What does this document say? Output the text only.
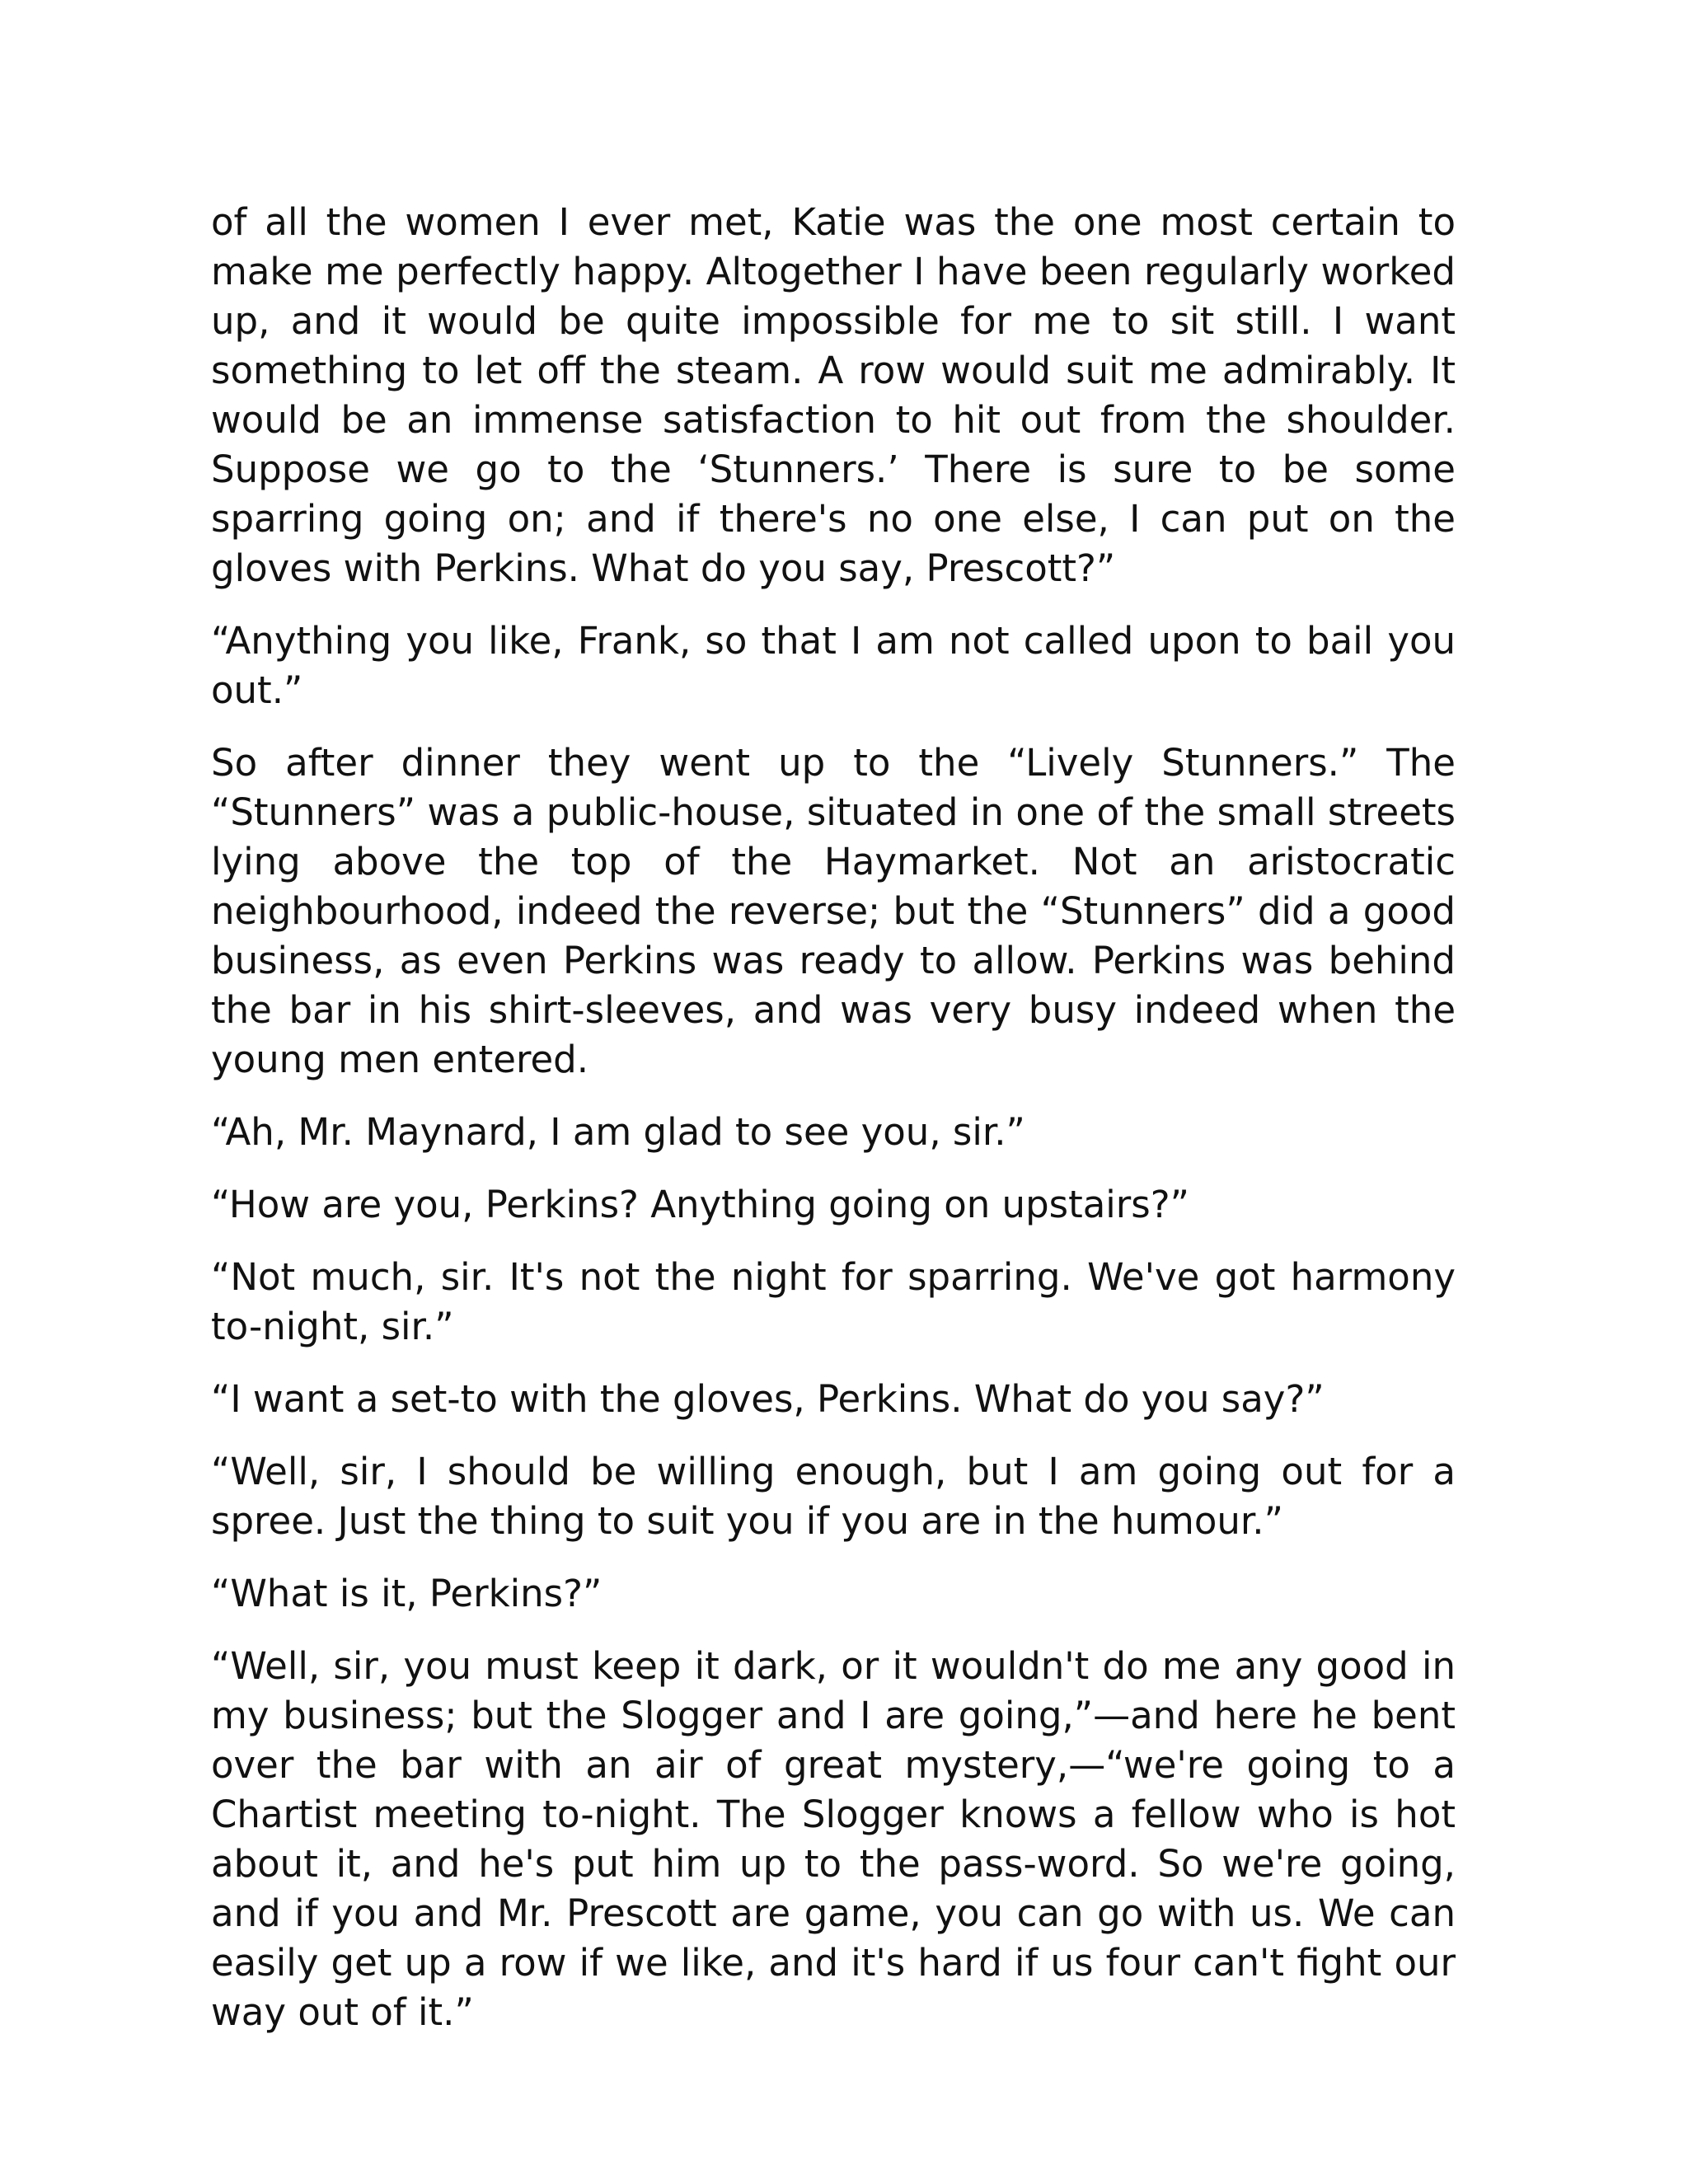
of all the women I ever met, Katie was the one most certain to make me perfectly happy. Altogether I have been regularly worked up, and it would be quite impossible for me to sit still. I want something to let off the steam. A row would suit me admirably. It would be an immense satisfaction to hit out from the shoulder. Suppose we go to the ‘Stunners.’ There is sure to be some sparring going on; and if there's no one else, I can put on the gloves with Perkins. What do you say, Prescott?”

“Anything you like, Frank, so that I am not called upon to bail you out.”

So after dinner they went up to the “Lively Stunners.” The “Stunners” was a public-house, situated in one of the small streets lying above the top of the Haymarket. Not an aristocratic neighbourhood, indeed the reverse; but the “Stunners” did a good business, as even Perkins was ready to allow. Perkins was behind the bar in his shirt-sleeves, and was very busy indeed when the young men entered.

“Ah, Mr. Maynard, I am glad to see you, sir.”

“How are you, Perkins? Anything going on upstairs?”

“Not much, sir. It's not the night for sparring. We've got harmony to-night, sir.”

“I want a set-to with the gloves, Perkins. What do you say?”

“Well, sir, I should be willing enough, but I am going out for a spree. Just the thing to suit you if you are in the humour.”

“What is it, Perkins?”

“Well, sir, you must keep it dark, or it wouldn't do me any good in my business; but the Slogger and I are going,”—and here he bent over the bar with an air of great mystery,—“we're going to a Chartist meeting to-night. The Slogger knows a fellow who is hot about it, and he's put him up to the pass-word. So we're going, and if you and Mr. Prescott are game, you can go with us. We can easily get up a row if we like, and it's hard if us four can't fight our way out of it.”
